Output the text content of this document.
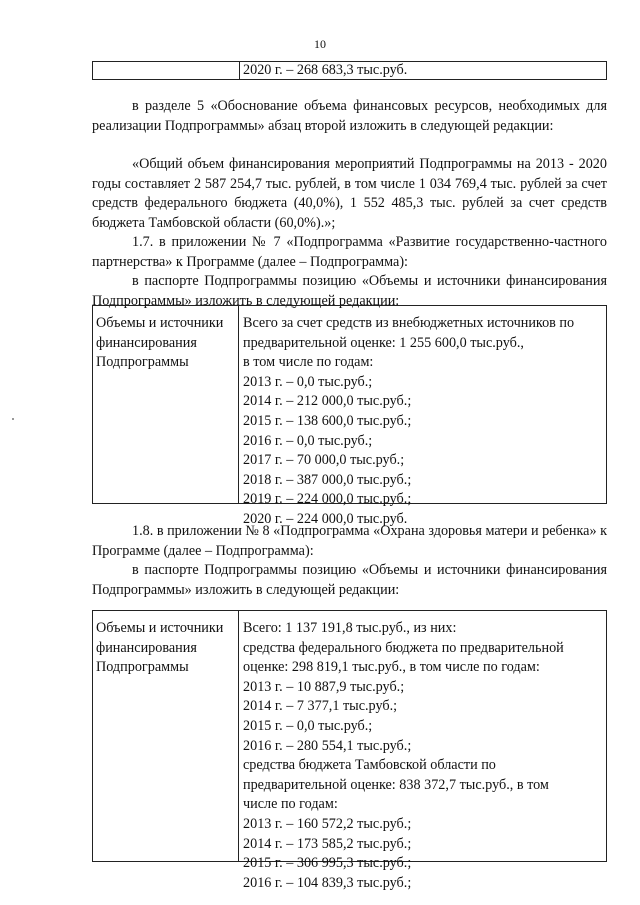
10
2020 г. – 268 683,3 тыс.руб.

в разделе 5 «Обоснование объема финансовых ресурсов, необходимых для реализации Подпрограммы» абзац второй изложить в следующей редакции:

«Общий объем финансирования мероприятий Подпрограммы на 2013 - 2020 годы составляет 2 587 254,7 тыс. рублей, в том числе 1 034 769,4 тыс. рублей за счет средств федерального бюджета (40,0%), 1 552 485,3 тыс. рублей за счет средств бюджета Тамбовской области (60,0%).»;

1.7. в приложении № 7 «Подпрограмма «Развитие государственно-частного партнерства» к Программе (далее – Подпрограмма):

в паспорте Подпрограммы позицию «Объемы и источники финансирования Подпрограммы» изложить в следующей редакции:

Объемы и источники
финансирования
Подпрограммы
Всего за счет средств из внебюджетных источников по
предварительной оценке: 1 255 600,0 тыс.руб.,
в том числе по годам:
2013 г. – 0,0 тыс.руб.;
2014 г. – 212 000,0 тыс.руб.;
2015 г. – 138 600,0 тыс.руб.;
2016 г. – 0,0 тыс.руб.;
2017 г. – 70 000,0 тыс.руб.;
2018 г. – 387 000,0 тыс.руб.;
2019 г. – 224 000,0 тыс.руб.;
2020 г. – 224 000,0 тыс.руб.

1.8. в приложении № 8 «Подпрограмма «Охрана здоровья матери и ребенка» к Программе (далее – Подпрограмма):

в паспорте Подпрограммы позицию «Объемы и источники финансирования Подпрограммы» изложить в следующей редакции:

Объемы и источники
финансирования
Подпрограммы
Всего: 1 137 191,8 тыс.руб., из них:
средства федерального бюджета по предварительной
оценке: 298 819,1 тыс.руб., в том числе по годам:
2013 г. – 10 887,9 тыс.руб.;
2014 г. – 7 377,1 тыс.руб.;
2015 г. – 0,0 тыс.руб.;
2016 г. – 280 554,1 тыс.руб.;
средства бюджета Тамбовской области по
предварительной оценке: 838 372,7 тыс.руб., в том
числе по годам:
2013 г. – 160 572,2 тыс.руб.;
2014 г. – 173 585,2 тыс.руб.;
2015 г. – 306 995,3 тыс.руб.;
2016 г. – 104 839,3 тыс.руб.;
